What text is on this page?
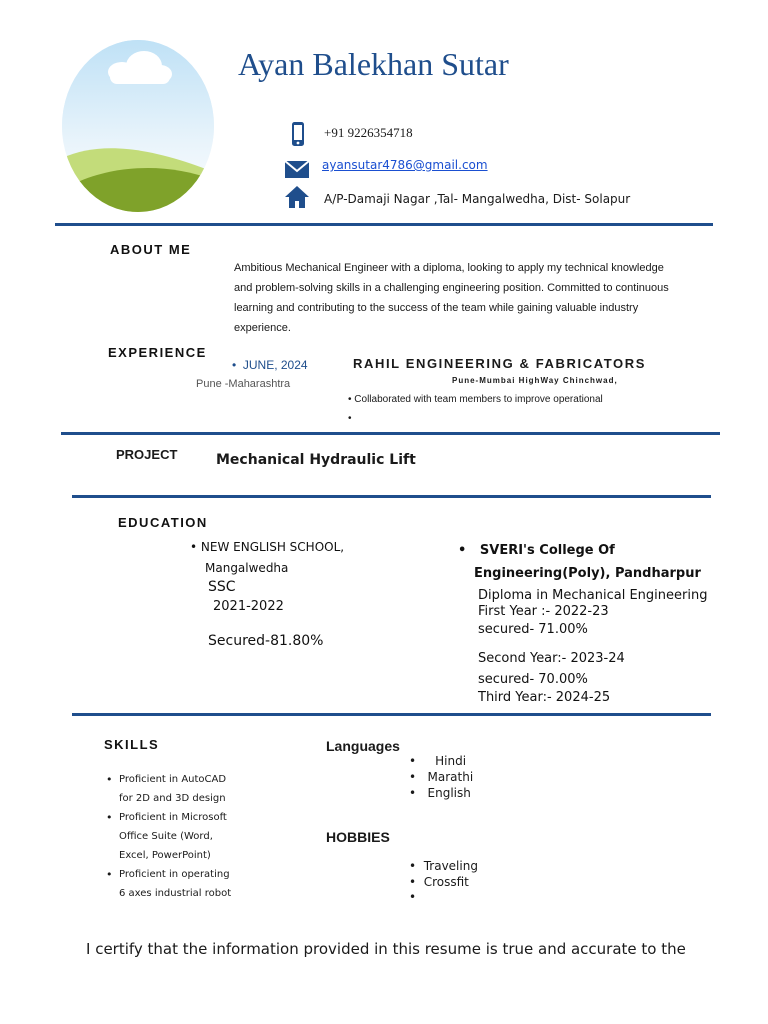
Ayan Balekhan Sutar
+91 9226354718
ayansutar4786@gmail.com
A/P-Damaji Nagar ,Tal- Mangalwedha, Dist- Solapur
ABOUT ME
Ambitious Mechanical Engineer with a diploma, looking to apply my technical knowledge and problem-solving skills in a challenging engineering position. Committed to continuous learning and contributing to the success of the team while gaining valuable industry experience.
EXPERIENCE
•  JUNE, 2024
Pune -Maharashtra
RAHIL ENGINEERING & FABRICATORS
Pune-Mumbai HighWay Chinchwad,
• Collaborated with team members to improve operational
•
PROJECT	Mechanical Hydraulic Lift
EDUCATION
• NEW ENGLISH SCHOOL,
Mangalwedha
SSC
2021-2022
Secured-81.80%
•   SVERI's College Of
Engineering(Poly), Pandharpur
Diploma in Mechanical Engineering
First Year :- 2022-23
secured- 71.00%
Second Year:- 2023-24
secured- 70.00%
Third Year:- 2024-25
SKILLS
• Proficient in AutoCAD
for 2D and 3D design
• Proficient in Microsoft
Office Suite (Word,
Excel, PowerPoint)
• Proficient in operating
6 axes industrial robot
Languages
•     Hindi
•   Marathi
•   English
HOBBIES
•  Traveling
•  Crossfit
•
I certify that the information provided in this resume is true and accurate to the
